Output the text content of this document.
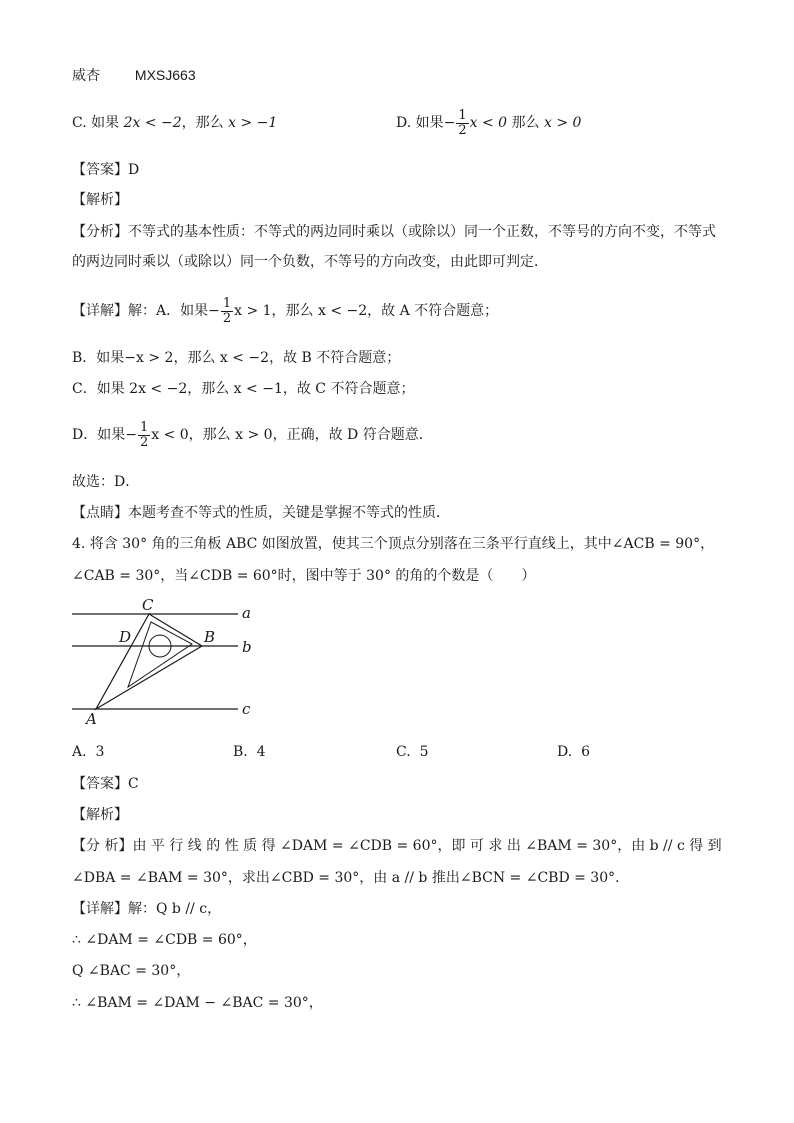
威杏 MXSJ663
C. 如果 2x < −2，那么 x > −1	D. 如果− $\frac{1}{2}$ x < 0 那么 x > 0
【答案】D
【解析】
【分析】不等式的基本性质：不等式的两边同时乘以（或除以）同一个正数，不等号的方向不变，不等式
的两边同时乘以（或除以）同一个负数，不等号的方向改变，由此即可判定．
【详解】解：A．如果− $\frac{1}{2}$ x > 1，那么 x < −2，故 A 不符合题意；
B．如果−x > 2，那么 x < −2，故 B 不符合题意；
C．如果 2x < −2，那么 x < −1，故 C 不符合题意；
D．如果− $\frac{1}{2}$ x < 0，那么 x > 0，正确，故 D 符合题意．
故选：D．
【点睛】本题考查不等式的性质，关键是掌握不等式的性质．
4. 将含 30° 角的三角板 ABC 如图放置，使其三个顶点分别落在三条平行直线上，其中∠ACB = 90°，
∠CAB = 30°，当∠CDB = 60°时，图中等于 30° 的角的个数是（　　）
C
D	B
A
a
b
c
A. 3	B. 4	C. 5	D. 6
【答案】C
【解析】
【分 析】由 平 行 线 的 性 质 得 ∠DAM = ∠CDB = 60°，即 可 求 出 ∠BAM = 30°，由 b // c 得 到
∠DBA = ∠BAM = 30°，求出∠CBD = 30°，由 a // b 推出∠BCN = ∠CBD = 30°．
【详解】解：Q b // c，
∴ ∠DAM = ∠CDB = 60°，
Q ∠BAC = 30°，
∴ ∠BAM = ∠DAM − ∠BAC = 30°，
